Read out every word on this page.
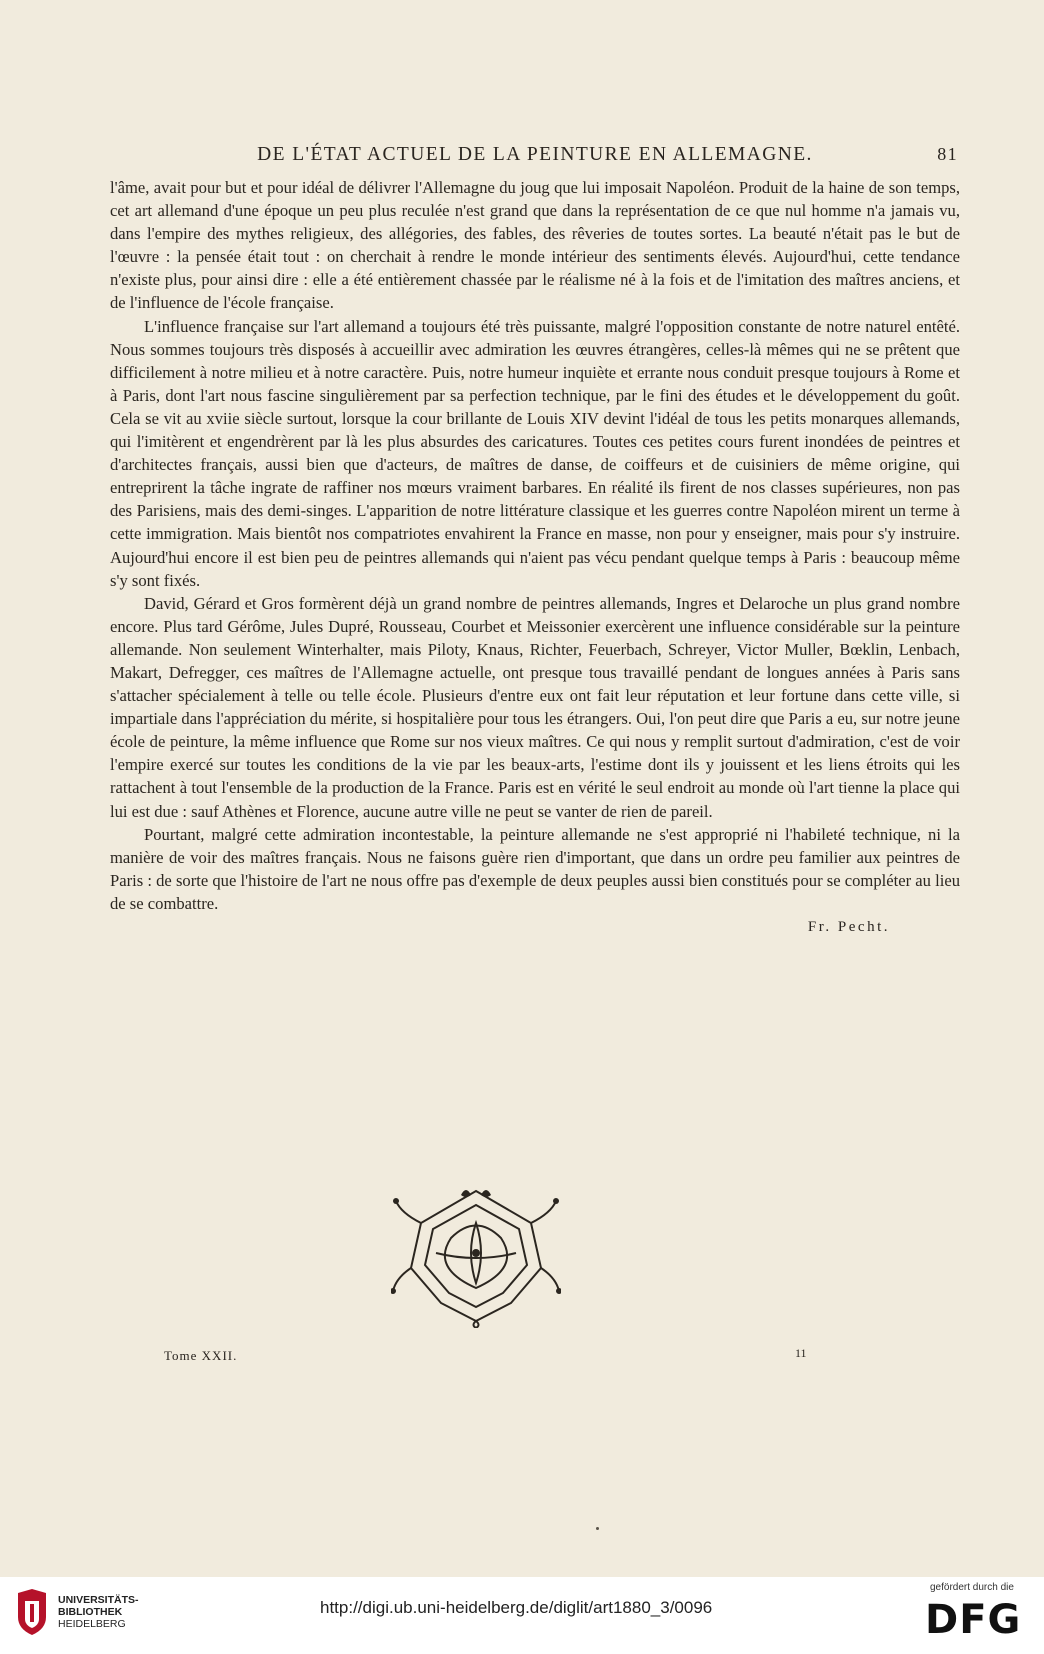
DE L'ÉTAT ACTUEL DE LA PEINTURE EN ALLEMAGNE.	81

l'âme, avait pour but et pour idéal de délivrer l'Allemagne du joug que lui imposait Napoléon. Produit de la haine de son temps, cet art allemand d'une époque un peu plus reculée n'est grand que dans la représentation de ce que nul homme n'a jamais vu, dans l'empire des mythes religieux, des allégories, des fables, des rêveries de toutes sortes. La beauté n'était pas le but de l'œuvre : la pensée était tout : on cherchait à rendre le monde intérieur des sentiments élevés. Aujourd'hui, cette tendance n'existe plus, pour ainsi dire : elle a été entièrement chassée par le réalisme né à la fois et de l'imitation des maîtres anciens, et de l'influence de l'école française.

L'influence française sur l'art allemand a toujours été très puissante, malgré l'opposition constante de notre naturel entêté. Nous sommes toujours très disposés à accueillir avec admiration les œuvres étrangères, celles-là mêmes qui ne se prêtent que difficilement à notre milieu et à notre caractère. Puis, notre humeur inquiète et errante nous conduit presque toujours à Rome et à Paris, dont l'art nous fascine singulièrement par sa perfection technique, par le fini des études et le développement du goût. Cela se vit au xviie siècle surtout, lorsque la cour brillante de Louis XIV devint l'idéal de tous les petits monarques allemands, qui l'imitèrent et engendrèrent par là les plus absurdes des caricatures. Toutes ces petites cours furent inondées de peintres et d'architectes français, aussi bien que d'acteurs, de maîtres de danse, de coiffeurs et de cuisiniers de même origine, qui entreprirent la tâche ingrate de raffiner nos mœurs vraiment barbares. En réalité ils firent de nos classes supérieures, non pas des Parisiens, mais des demi-singes. L'apparition de notre littérature classique et les guerres contre Napoléon mirent un terme à cette immigration. Mais bientôt nos compatriotes envahirent la France en masse, non pour y enseigner, mais pour s'y instruire. Aujourd'hui encore il est bien peu de peintres allemands qui n'aient pas vécu pendant quelque temps à Paris : beaucoup même s'y sont fixés.

David, Gérard et Gros formèrent déjà un grand nombre de peintres allemands, Ingres et Delaroche un plus grand nombre encore. Plus tard Gérôme, Jules Dupré, Rousseau, Courbet et Meissonier exercèrent une influence considérable sur la peinture allemande. Non seulement Winterhalter, mais Piloty, Knaus, Richter, Feuerbach, Schreyer, Victor Muller, Bœklin, Lenbach, Makart, Defregger, ces maîtres de l'Allemagne actuelle, ont presque tous travaillé pendant de longues années à Paris sans s'attacher spécialement à telle ou telle école. Plusieurs d'entre eux ont fait leur réputation et leur fortune dans cette ville, si impartiale dans l'appréciation du mérite, si hospitalière pour tous les étrangers. Oui, l'on peut dire que Paris a eu, sur notre jeune école de peinture, la même influence que Rome sur nos vieux maîtres. Ce qui nous y remplit surtout d'admiration, c'est de voir l'empire exercé sur toutes les conditions de la vie par les beaux-arts, l'estime dont ils y jouissent et les liens étroits qui les rattachent à tout l'ensemble de la production de la France. Paris est en vérité le seul endroit au monde où l'art tienne la place qui lui est due : sauf Athènes et Florence, aucune autre ville ne peut se vanter de rien de pareil.

Pourtant, malgré cette admiration incontestable, la peinture allemande ne s'est approprié ni l'habileté technique, ni la manière de voir des maîtres français. Nous ne faisons guère rien d'important, que dans un ordre peu familier aux peintres de Paris : de sorte que l'histoire de l'art ne nous offre pas d'exemple de deux peuples aussi bien constitués pour se compléter au lieu de se combattre.

Fr. Pecht.
Tome XXII.	11
UNIVERSITÄTS-
BIBLIOTHEK
HEIDELBERG
http://digi.ub.uni-heidelberg.de/diglit/art1880_3/0096
gefördert durch die
DFG
